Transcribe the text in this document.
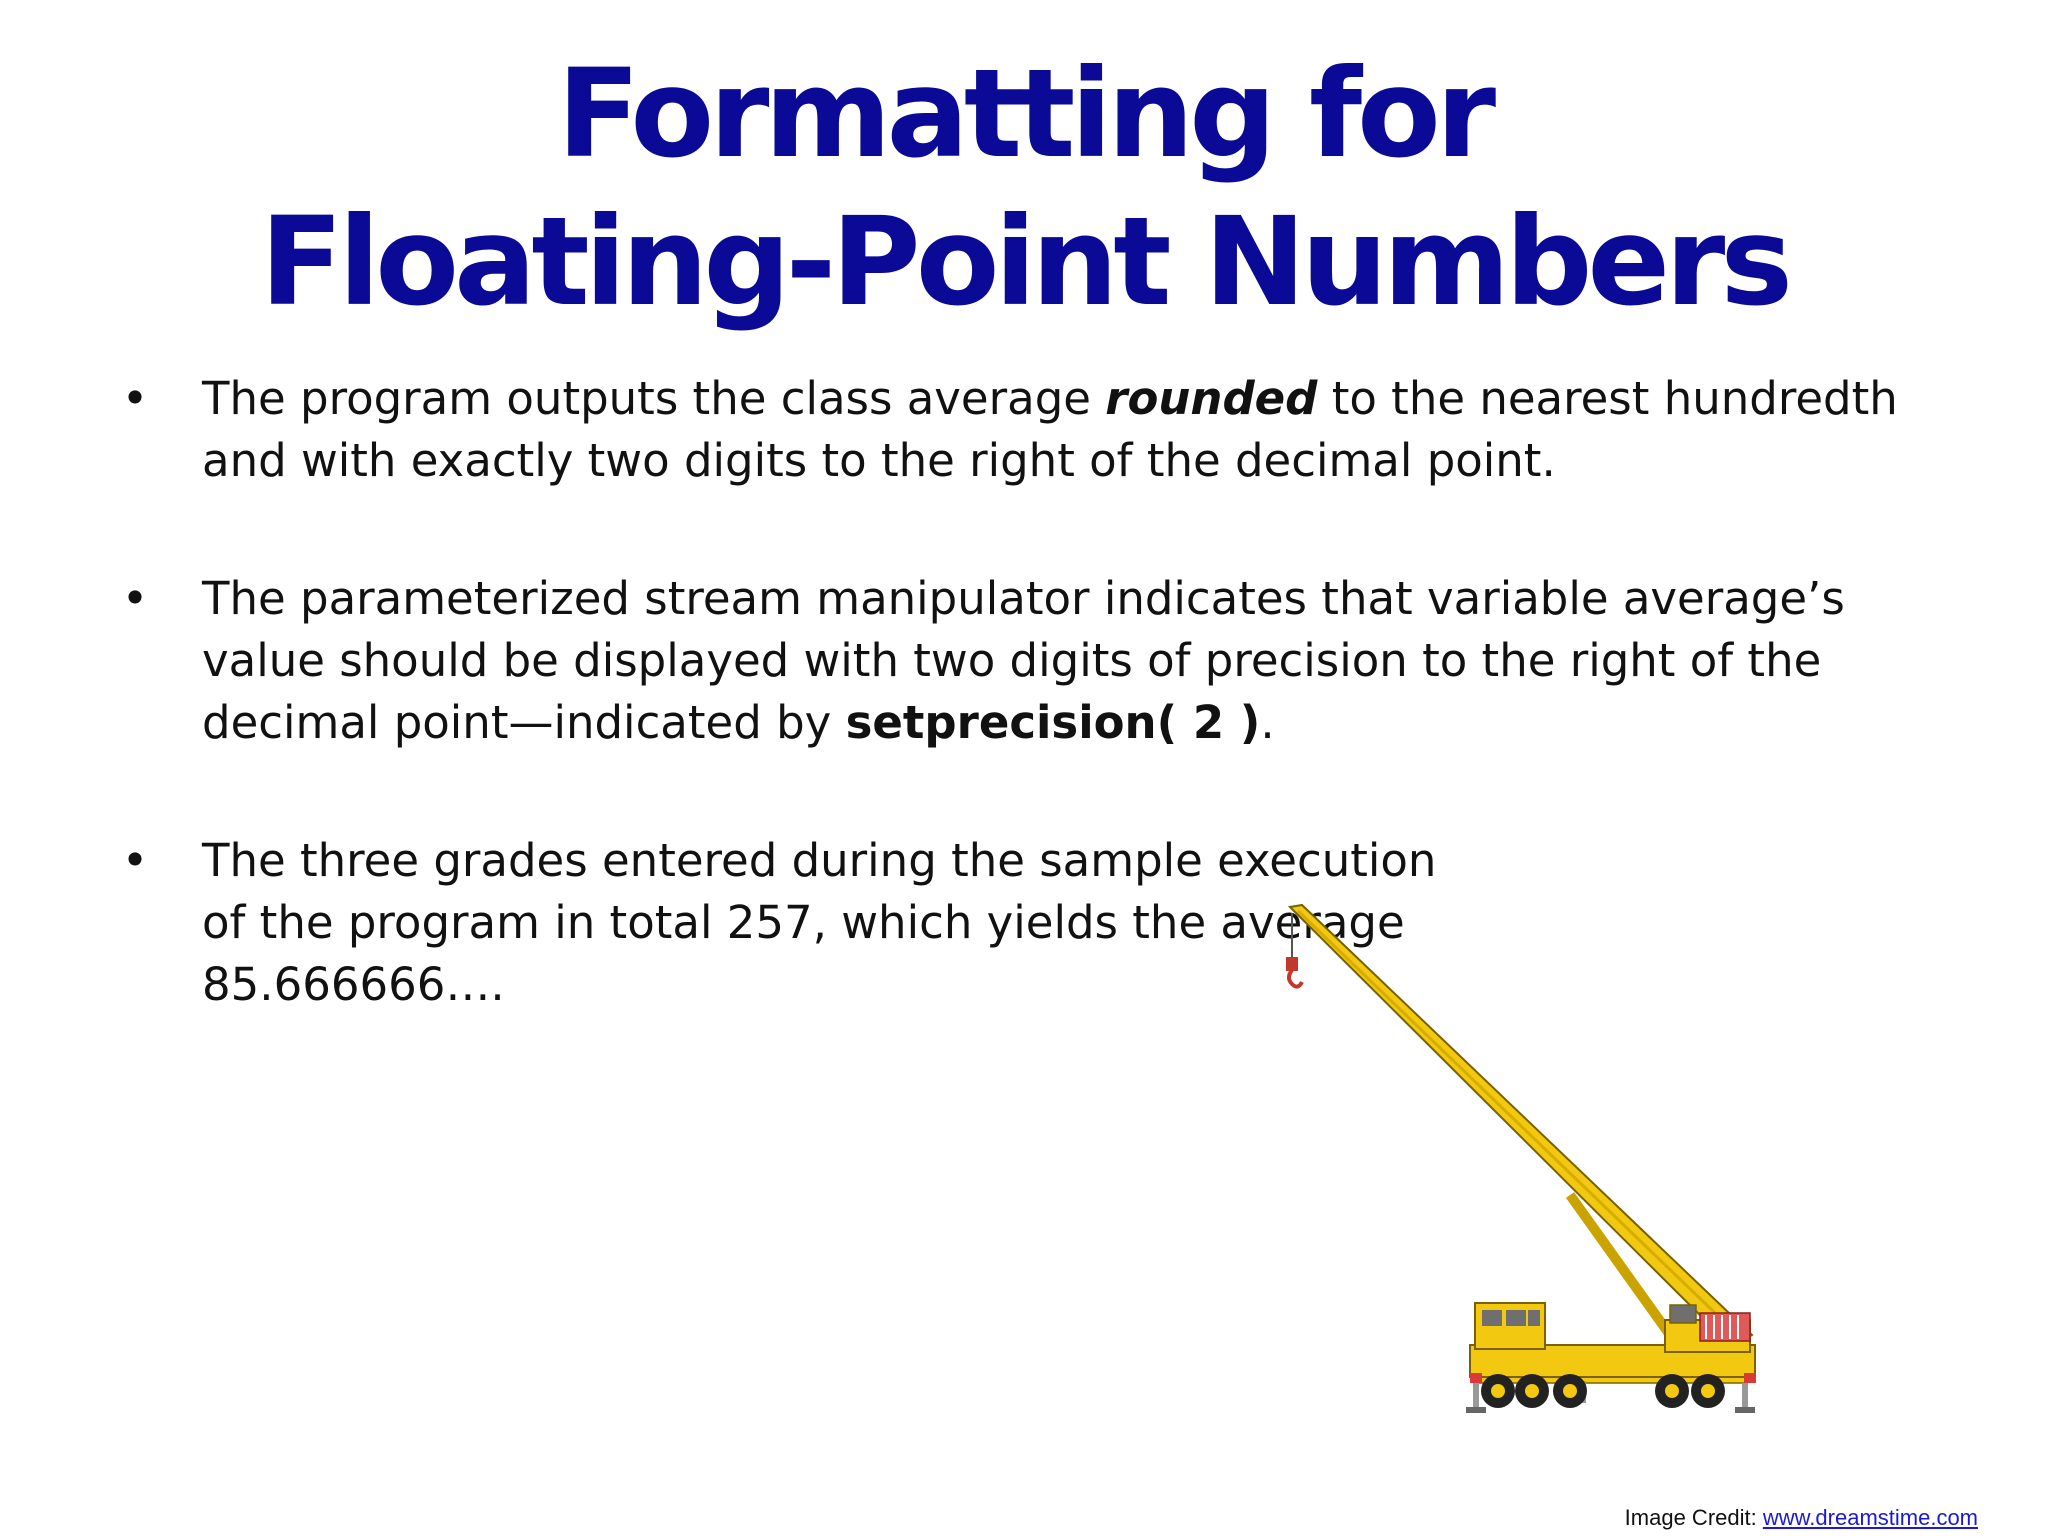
Formatting for
Floating-Point Numbers
• The program outputs the class average rounded to the nearest hundredth and with exactly two digits to the right of the decimal point.
• The parameterized stream manipulator indicates that variable average’s value should be displayed with two digits of precision to the right of the decimal point—indicated by setprecision( 2 ).
• The three grades entered during the sample execution of the program in total 257, which yields the average 85.666666….
Image Credit: www.dreamstime.com
